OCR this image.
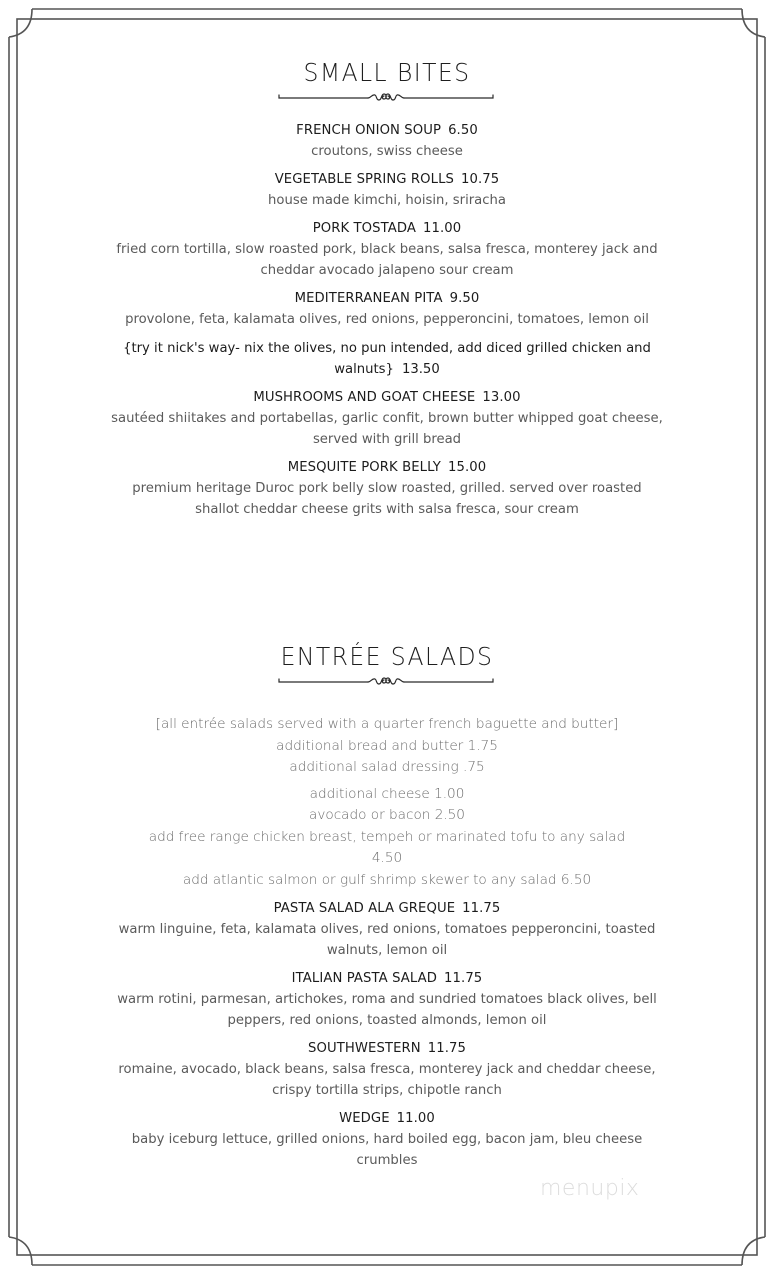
SMALL BITES
FRENCH ONION SOUP 6.50
croutons, swiss cheese
VEGETABLE SPRING ROLLS 10.75
house made kimchi, hoisin, sriracha
PORK TOSTADA 11.00
fried corn tortilla, slow roasted pork, black beans, salsa fresca, monterey jack and cheddar avocado jalapeno sour cream
MEDITERRANEAN PITA 9.50
provolone, feta, kalamata olives, red onions, pepperoncini, tomatoes, lemon oil
{try it nick's way- nix the olives, no pun intended, add diced grilled chicken and walnuts} 13.50
MUSHROOMS AND GOAT CHEESE 13.00
sautéed shiitakes and portabellas, garlic confit, brown butter whipped goat cheese, served with grill bread
MESQUITE PORK BELLY 15.00
premium heritage Duroc pork belly slow roasted, grilled. served over roasted shallot cheddar cheese grits with salsa fresca, sour cream
ENTRÉE SALADS
[all entrée salads served with a quarter french baguette and butter]
additional bread and butter 1.75
additional salad dressing .75
additional cheese 1.00
avocado or bacon 2.50
add free range chicken breast, tempeh or marinated tofu to any salad 4.50
add atlantic salmon or gulf shrimp skewer to any salad 6.50
PASTA SALAD ALA GREQUE 11.75
warm linguine, feta, kalamata olives, red onions, tomatoes pepperoncini, toasted walnuts, lemon oil
ITALIAN PASTA SALAD 11.75
warm rotini, parmesan, artichokes, roma and sundried tomatoes black olives, bell peppers, red onions, toasted almonds, lemon oil
SOUTHWESTERN 11.75
romaine, avocado, black beans, salsa fresca, monterey jack and cheddar cheese, crispy tortilla strips, chipotle ranch
WEDGE 11.00
baby iceburg lettuce, grilled onions, hard boiled egg, bacon jam, bleu cheese crumbles
menupix
